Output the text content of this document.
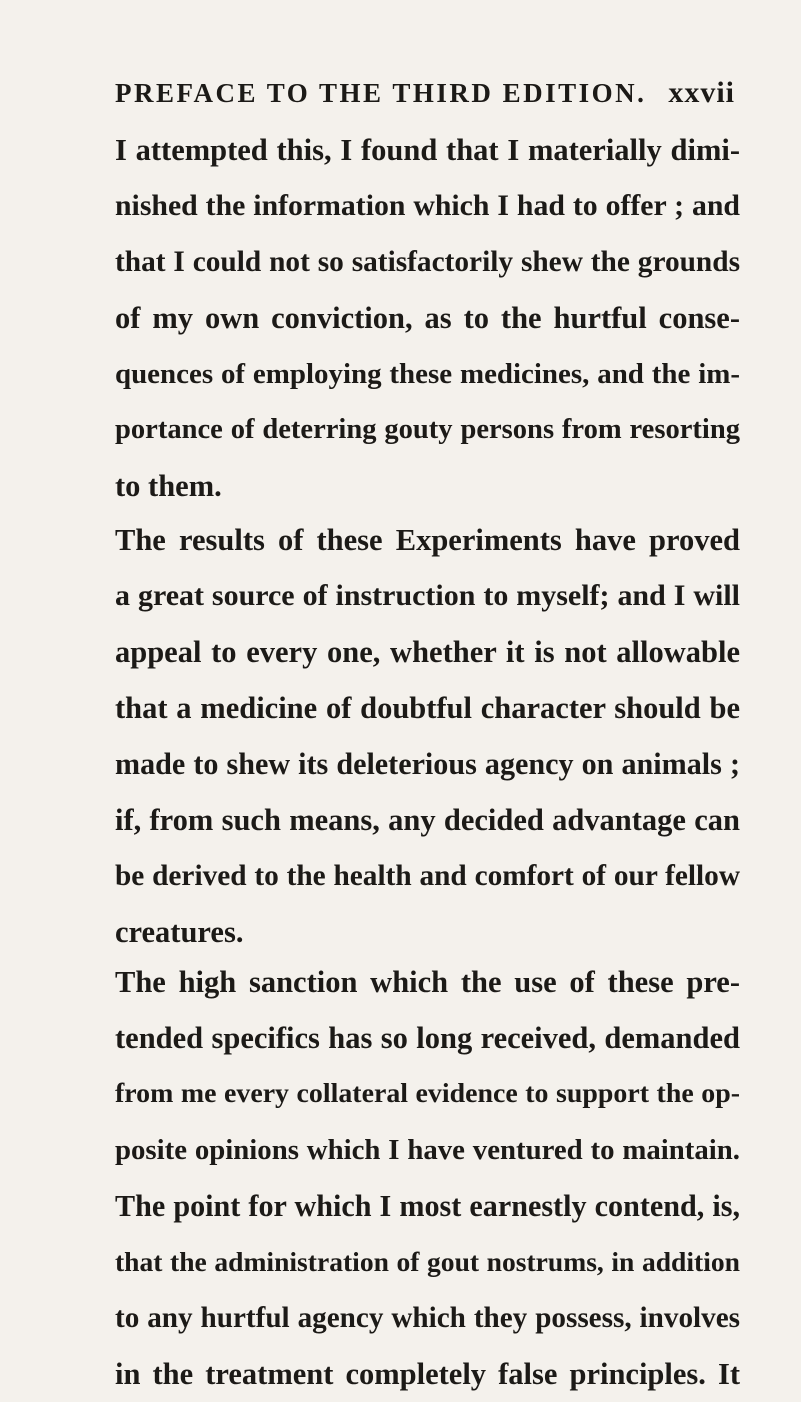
PREFACE TO THE THIRD EDITION. xxvii
I attempted this, I found that I materially dimi-
nished the information which I had to offer ; and
that I could not so satisfactorily shew the grounds
of my own conviction, as to the hurtful conse-
quences of employing these medicines, and the im-
portance of deterring gouty persons from resorting
to them.
The results of these Experiments have proved
a great source of instruction to myself; and I will
appeal to every one, whether it is not allowable
that a medicine of doubtful character should be
made to shew its deleterious agency on animals ;
if, from such means, any decided advantage can
be derived to the health and comfort of our fellow
creatures.
The high sanction which the use of these pre-
tended specifics has so long received, demanded
from me every collateral evidence to support the op-
posite opinions which I have ventured to maintain.
The point for which I most earnestly contend, is,
that the administration of gout nostrums, in addition
to any hurtful agency which they possess, involves
in the treatment completely false principles. It
